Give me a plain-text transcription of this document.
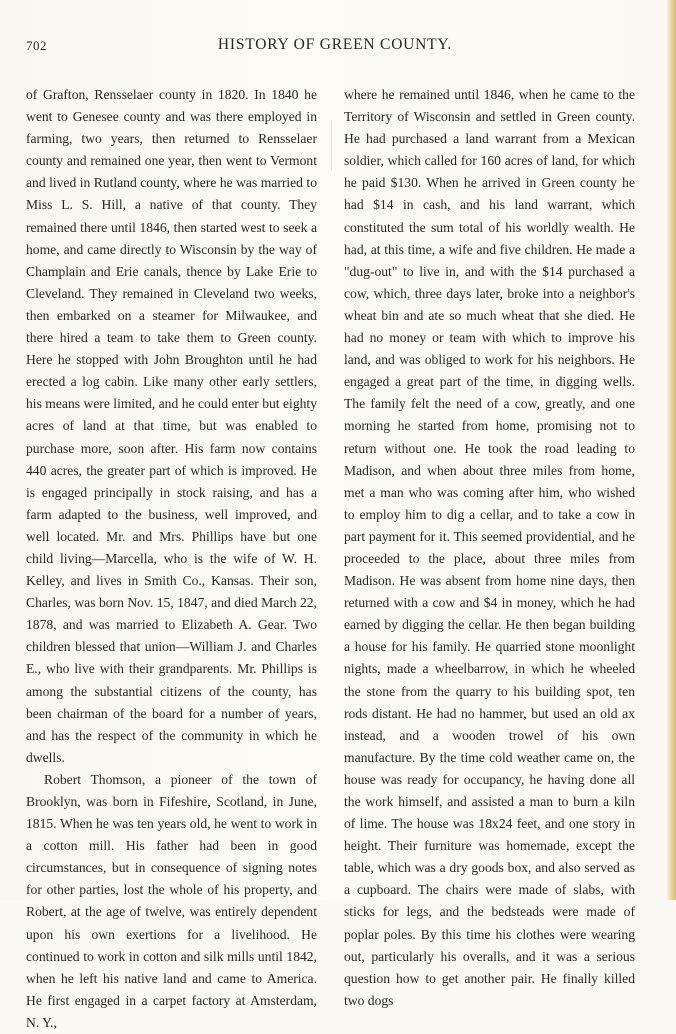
702	HISTORY OF GREEN COUNTY.

of Grafton, Rensselaer county in 1820. In 1840 he went to Genesee county and was there employed in farming, two years, then returned to Rensselaer county and remained one year, then went to Vermont and lived in Rutland county, where he was married to Miss L. S. Hill, a native of that county. They remained there until 1846, then started west to seek a home, and came directly to Wisconsin by the way of Champlain and Erie canals, thence by Lake Erie to Cleveland. They remained in Cleveland two weeks, then embarked on a steamer for Milwaukee, and there hired a team to take them to Green county. Here he stopped with John Broughton until he had erected a log cabin. Like many other early settlers, his means were limited, and he could enter but eighty acres of land at that time, but was enabled to purchase more, soon after. His farm now contains 440 acres, the greater part of which is improved. He is engaged principally in stock raising, and has a farm adapted to the business, well improved, and well located. Mr. and Mrs. Phillips have but one child living—Marcella, who is the wife of W. H. Kelley, and lives in Smith Co., Kansas. Their son, Charles, was born Nov. 15, 1847, and died March 22, 1878, and was married to Elizabeth A. Gear. Two children blessed that union—William J. and Charles E., who live with their grandparents. Mr. Phillips is among the substantial citizens of the county, has been chairman of the board for a number of years, and has the respect of the community in which he dwells.

Robert Thomson, a pioneer of the town of Brooklyn, was born in Fifeshire, Scotland, in June, 1815. When he was ten years old, he went to work in a cotton mill. His father had been in good circumstances, but in consequence of signing notes for other parties, lost the whole of his property, and Robert, at the age of twelve, was entirely dependent upon his own exertions for a livelihood. He continued to work in cotton and silk mills until 1842, when he left his native land and came to America. He first engaged in a carpet factory at Amsterdam, N. Y.,

where he remained until 1846, when he came to the Territory of Wisconsin and settled in Green county. He had purchased a land warrant from a Mexican soldier, which called for 160 acres of land, for which he paid $130. When he arrived in Green county he had $14 in cash, and his land warrant, which constituted the sum total of his worldly wealth. He had, at this time, a wife and five children. He made a "dug-out" to live in, and with the $14 purchased a cow, which, three days later, broke into a neighbor's wheat bin and ate so much wheat that she died. He had no money or team with which to improve his land, and was obliged to work for his neighbors. He engaged a great part of the time, in digging wells. The family felt the need of a cow, greatly, and one morning he started from home, promising not to return without one. He took the road leading to Madison, and when about three miles from home, met a man who was coming after him, who wished to employ him to dig a cellar, and to take a cow in part payment for it. This seemed providential, and he proceeded to the place, about three miles from Madison. He was absent from home nine days, then returned with a cow and $4 in money, which he had earned by digging the cellar. He then began building a house for his family. He quarried stone moonlight nights, made a wheelbarrow, in which he wheeled the stone from the quarry to his building spot, ten rods distant. He had no hammer, but used an old ax instead, and a wooden trowel of his own manufacture. By the time cold weather came on, the house was ready for occupancy, he having done all the work himself, and assisted a man to burn a kiln of lime. The house was 18x24 feet, and one story in height. Their furniture was homemade, except the table, which was a dry goods box, and also served as a cupboard. The chairs were made of slabs, with sticks for legs, and the bedsteads were made of poplar poles. By this time his clothes were wearing out, particularly his overalls, and it was a serious question how to get another pair. He finally killed two dogs
